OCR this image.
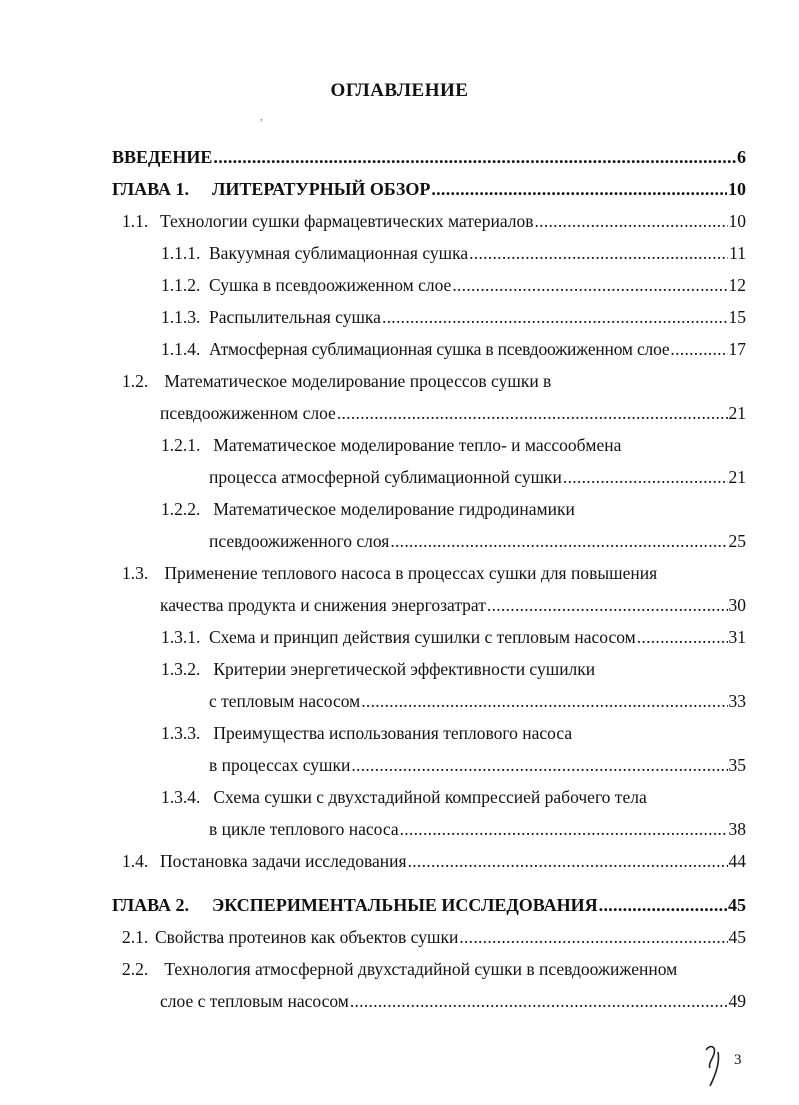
ОГЛАВЛЕНИЕ
,
ВВЕДЕНИЕ .....	6
ГЛАВА 1.	ЛИТЕРАТУРНЫЙ ОБЗОР .....	10
1.1. Технологии сушки фармацевтических материалов .....	10
1.1.1. Вакуумная сублимационная сушка .....	11
1.1.2. Сушка в псевдоожиженном слое .....	12
1.1.3. Распылительная сушка .....	15
1.1.4. Атмосферная сублимационная сушка в псевдоожиженном слое .....	17
1.2. Математическое моделирование процессов сушки в
псевдоожиженном слое .....	21
1.2.1. Математическое моделирование тепло- и массообмена
процесса атмосферной сублимационной сушки .....	21
1.2.2. Математическое моделирование гидродинамики
псевдоожиженного слоя .....	25
1.3. Применение теплового насоса в процессах сушки для повышения
качества продукта и снижения энергозатрат .....	30
1.3.1. Схема и принцип действия сушилки с тепловым насосом .....	31
1.3.2. Критерии энергетической эффективности сушилки
с тепловым насосом .....	33
1.3.3. Преимущества использования теплового насоса
в процессах сушки .....	35
1.3.4. Схема сушки с двухстадийной компрессией рабочего тела
в цикле теплового насоса .....	38
1.4. Постановка задачи исследования .....	44
ГЛАВА 2.	ЭКСПЕРИМЕНТАЛЬНЫЕ ИССЛЕДОВАНИЯ .....	45
2.1. Свойства протеинов как объектов сушки .....	45
2.2. Технология атмосферной двухстадийной сушки в псевдоожиженном
слое с тепловым насосом .....	49
3
